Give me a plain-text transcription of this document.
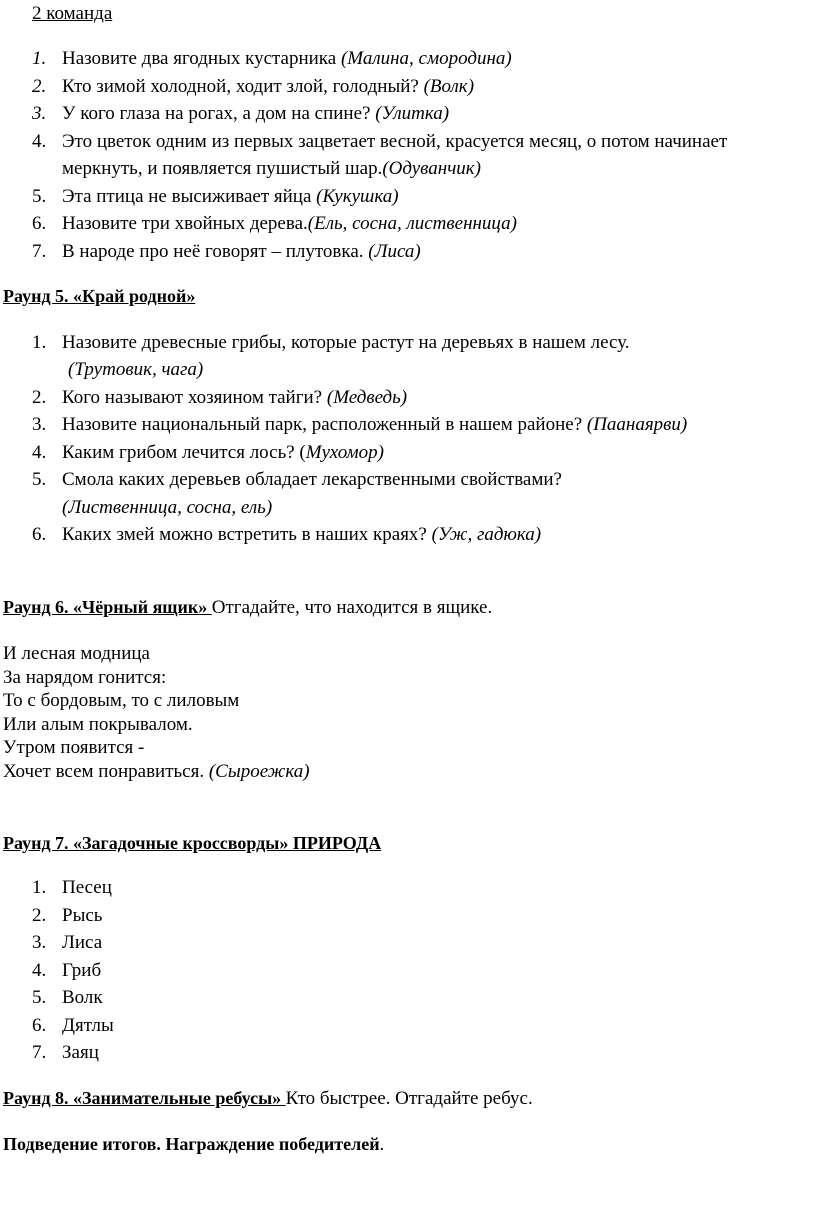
2 команда
1. Назовите два ягодных кустарника (Малина, смородина)
2. Кто зимой холодной, ходит злой, голодный? (Волк)
3. У кого глаза на рогах, а дом на спине? (Улитка)
4. Это цветок одним из первых зацветает весной, красуется месяц, о потом начинает
меркнуть, и появляется пушистый шар.(Одуванчик)
5. Эта птица не высиживает яйца (Кукушка)
6. Назовите три хвойных дерева.(Ель, сосна, лиственница)
7. В народе про неё говорят – плутовка. (Лиса)
Раунд 5. «Край родной»
1. Назовите древесные грибы, которые растут на деревьях в нашем лесу.
(Трутовик, чага)
2. Кого называют хозяином тайги? (Медведь)
3. Назовите национальный парк, расположенный в нашем районе? (Паанаярви)
4. Каким грибом лечится лось? (Мухомор)
5. Смола каких деревьев обладает лекарственными свойствами?
(Лиственница, сосна, ель)
6. Каких змей можно встретить в наших краях? (Уж, гадюка)
Раунд 6. «Чёрный ящик» Отгадайте, что находится в ящике.
И лесная модница
За нарядом гонится:
То с бордовым, то с лиловым
Или алым покрывалом.
Утром появится -
Хочет всем понравиться. (Сыроежка)
Раунд 7. «Загадочные кроссворды» ПРИРОДА
1. Песец
2. Рысь
3. Лиса
4. Гриб
5. Волк
6. Дятлы
7. Заяц
Раунд 8. «Занимательные ребусы» Кто быстрее. Отгадайте ребус.
Подведение итогов. Награждение победителей.
